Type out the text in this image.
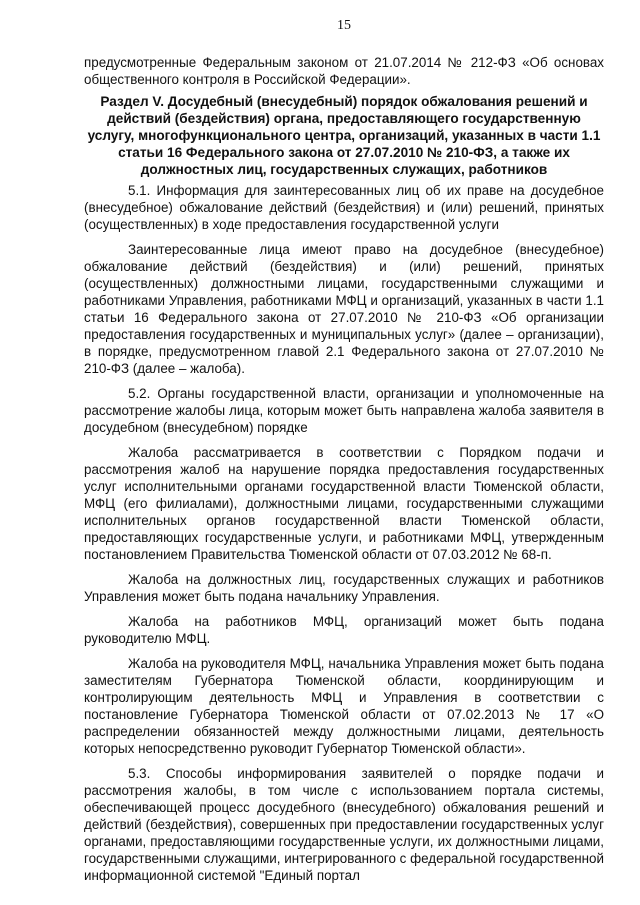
15

предусмотренные Федеральным законом от 21.07.2014 № 212-ФЗ «Об основах общественного контроля в Российской Федерации».

Раздел V. Досудебный (внесудебный) порядок обжалования решений и действий (бездействия) органа, предоставляющего государственную услугу, многофункционального центра, организаций, указанных в части 1.1 статьи 16 Федерального закона от 27.07.2010 № 210-ФЗ, а также их должностных лиц, государственных служащих, работников

5.1. Информация для заинтересованных лиц об их праве на досудебное (внесудебное) обжалование действий (бездействия) и (или) решений, принятых (осуществленных) в ходе предоставления государственной услуги

Заинтересованные лица имеют право на досудебное (внесудебное) обжалование действий (бездействия) и (или) решений, принятых (осуществленных) должностными лицами, государственными служащими и работниками Управления, работниками МФЦ и организаций, указанных в части 1.1 статьи 16 Федерального закона от 27.07.2010 № 210-ФЗ «Об организации предоставления государственных и муниципальных услуг» (далее – организации), в порядке, предусмотренном главой 2.1 Федерального закона от 27.07.2010 № 210-ФЗ (далее – жалоба).

5.2. Органы государственной власти, организации и уполномоченные на рассмотрение жалобы лица, которым может быть направлена жалоба заявителя в досудебном (внесудебном) порядке

Жалоба рассматривается в соответствии с Порядком подачи и рассмотрения жалоб на нарушение порядка предоставления государственных услуг исполнительными органами государственной власти Тюменской области, МФЦ (его филиалами), должностными лицами, государственными служащими исполнительных органов государственной власти Тюменской области, предоставляющих государственные услуги, и работниками МФЦ, утвержденным постановлением Правительства Тюменской области от 07.03.2012 № 68-п.

Жалоба на должностных лиц, государственных служащих и работников Управления может быть подана начальнику Управления.

Жалоба на работников МФЦ, организаций может быть подана руководителю МФЦ.

Жалоба на руководителя МФЦ, начальника Управления может быть подана заместителям Губернатора Тюменской области, координирующим и контролирующим деятельность МФЦ и Управления в соответствии с постановление Губернатора Тюменской области от 07.02.2013 № 17 «О распределении обязанностей между должностными лицами, деятельность которых непосредственно руководит Губернатор Тюменской области».

5.3. Способы информирования заявителей о порядке подачи и рассмотрения жалобы, в том числе с использованием портала системы, обеспечивающей процесс досудебного (внесудебного) обжалования решений и действий (бездействия), совершенных при предоставлении государственных услуг органами, предоставляющими государственные услуги, их должностными лицами, государственными служащими, интегрированного с федеральной государственной информационной системой "Единый портал
